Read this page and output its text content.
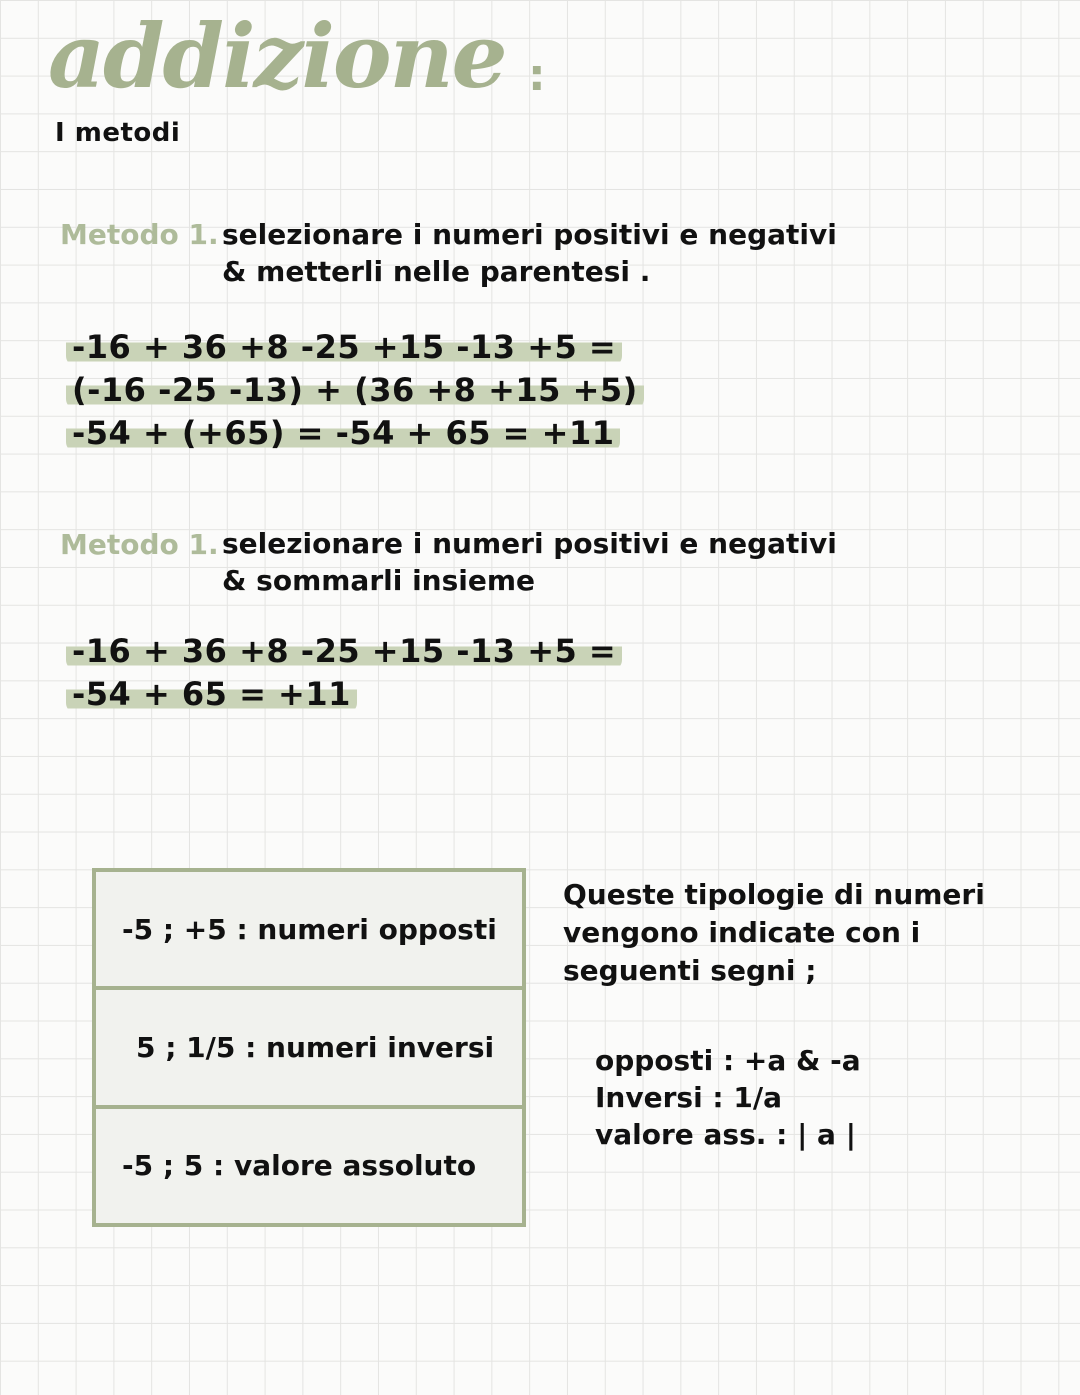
addizione :
I metodi
Metodo 1. selezionare i numeri positivi e negativi
& metterli nelle parentesi .
-16 + 36 +8 -25 +15 -13 +5 =
(-16 -25 -13) + (36 +8 +15 +5)
-54 + (+65) = -54 + 65 = +11
Metodo 1. selezionare i numeri positivi e negativi
& sommarli insieme
-16 + 36 +8 -25 +15 -13 +5 =
-54 + 65 = +11
-5 ; +5 : numeri opposti
5 ; 1/5 : numeri inversi
-5 ; 5 : valore assoluto
Queste tipologie di numeri
vengono indicate con i
seguenti segni ;
opposti : +a & -a
Inversi : 1/a
valore ass. : | a |
